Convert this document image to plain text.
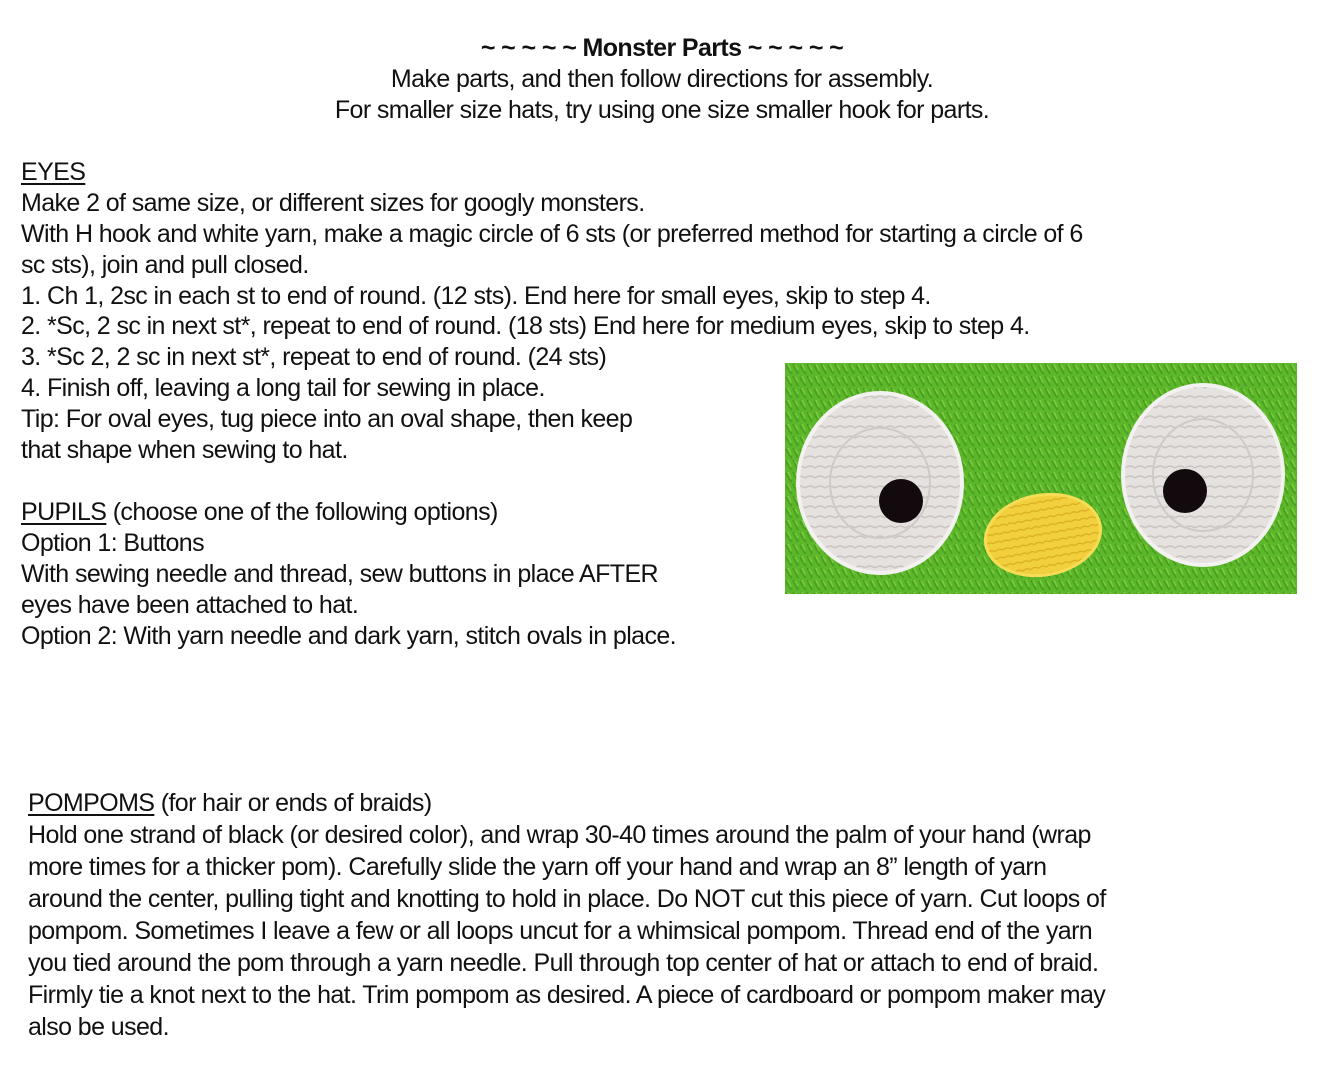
~ ~ ~ ~ ~ Monster Parts ~ ~ ~ ~ ~
Make parts, and then follow directions for assembly.
For smaller size hats, try using one size smaller hook for parts.
EYES
Make 2 of same size, or different sizes for googly monsters.
With H hook and white yarn, make a magic circle of 6 sts (or preferred method for starting a circle of 6
sc sts), join and pull closed.
1. Ch 1, 2sc in each st to end of round. (12 sts). End here for small eyes, skip to step 4.
2. *Sc, 2 sc in next st*, repeat to end of round. (18 sts) End here for medium eyes, skip to step 4.
3. *Sc 2, 2 sc in next st*, repeat to end of round. (24 sts)
4. Finish off, leaving a long tail for sewing in place.
Tip: For oval eyes, tug piece into an oval shape, then keep
that shape when sewing to hat.
PUPILS (choose one of the following options)
Option 1: Buttons
With sewing needle and thread, sew buttons in place AFTER
eyes have been attached to hat.
Option 2: With yarn needle and dark yarn, stitch ovals in place.
POMPOMS (for hair or ends of braids)
Hold one strand of black (or desired color), and wrap 30-40 times around the palm of your hand (wrap
more times for a thicker pom). Carefully slide the yarn off your hand and wrap an 8” length of yarn
around the center, pulling tight and knotting to hold in place. Do NOT cut this piece of yarn. Cut loops of
pompom. Sometimes I leave a few or all loops uncut for a whimsical pompom. Thread end of the yarn
you tied around the pom through a yarn needle. Pull through top center of hat or attach to end of braid.
Firmly tie a knot next to the hat. Trim pompom as desired. A piece of cardboard or pompom maker may
also be used.
